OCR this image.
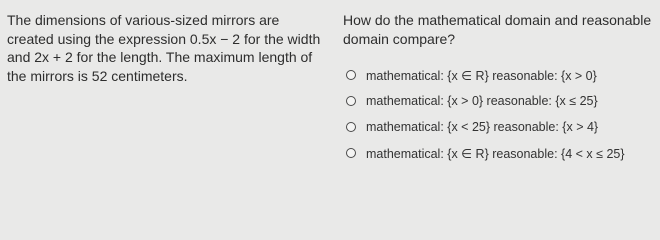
The dimensions of various-sized mirrors are created using the expression 0.5x − 2 for the width and 2x + 2 for the length. The maximum length of the mirrors is 52 centimeters.
How do the mathematical domain and reasonable domain compare?
mathematical: {x ∈ R} reasonable: {x > 0}
mathematical: {x > 0} reasonable: {x ≤ 25}
mathematical: {x < 25} reasonable: {x > 4}
mathematical: {x ∈ R} reasonable: {4 < x ≤ 25}
